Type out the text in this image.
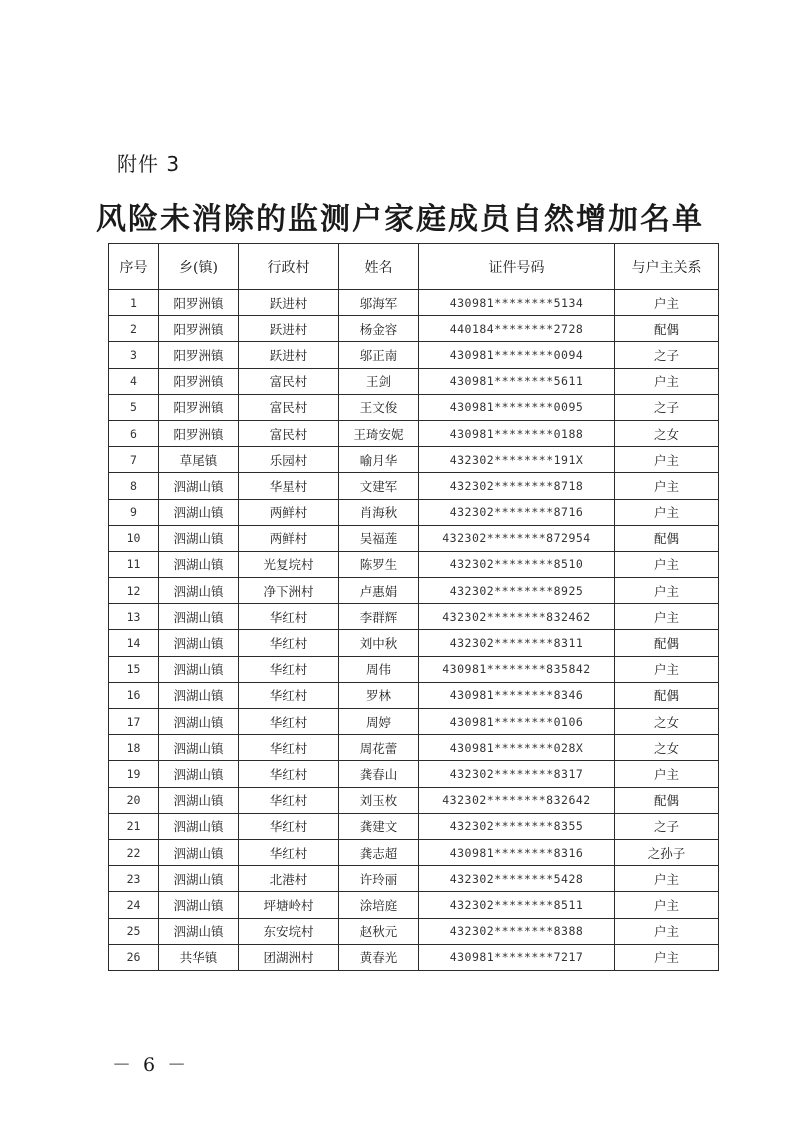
附件 3
风险未消除的监测户家庭成员自然增加名单
序号	乡(镇)	行政村	姓名	证件号码	与户主关系
1	阳罗洲镇	跃进村	邬海军	430981********5134	户主
2	阳罗洲镇	跃进村	杨金容	440184********2728	配偶
3	阳罗洲镇	跃进村	邬正南	430981********0094	之子
4	阳罗洲镇	富民村	王剑	430981********5611	户主
5	阳罗洲镇	富民村	王文俊	430981********0095	之子
6	阳罗洲镇	富民村	王琦安妮	430981********0188	之女
7	草尾镇	乐园村	喻月华	432302********191X	户主
8	泗湖山镇	华星村	文建军	432302********8718	户主
9	泗湖山镇	两鲜村	肖海秋	432302********8716	户主
10	泗湖山镇	两鲜村	吴福莲	432302********872954	配偶
11	泗湖山镇	光复垸村	陈罗生	432302********8510	户主
12	泗湖山镇	净下洲村	卢惠娟	432302********8925	户主
13	泗湖山镇	华红村	李群辉	432302********832462	户主
14	泗湖山镇	华红村	刘中秋	432302********8311	配偶
15	泗湖山镇	华红村	周伟	430981********835842	户主
16	泗湖山镇	华红村	罗林	430981********8346	配偶
17	泗湖山镇	华红村	周婷	430981********0106	之女
18	泗湖山镇	华红村	周花蕾	430981********028X	之女
19	泗湖山镇	华红村	龚春山	432302********8317	户主
20	泗湖山镇	华红村	刘玉枚	432302********832642	配偶
21	泗湖山镇	华红村	龚建文	432302********8355	之子
22	泗湖山镇	华红村	龚志超	430981********8316	之孙子
23	泗湖山镇	北港村	许玲丽	432302********5428	户主
24	泗湖山镇	坪塘岭村	涂培庭	432302********8511	户主
25	泗湖山镇	东安垸村	赵秋元	432302********8388	户主
26	共华镇	团湖洲村	黄春光	430981********7217	户主
－ 6 －
